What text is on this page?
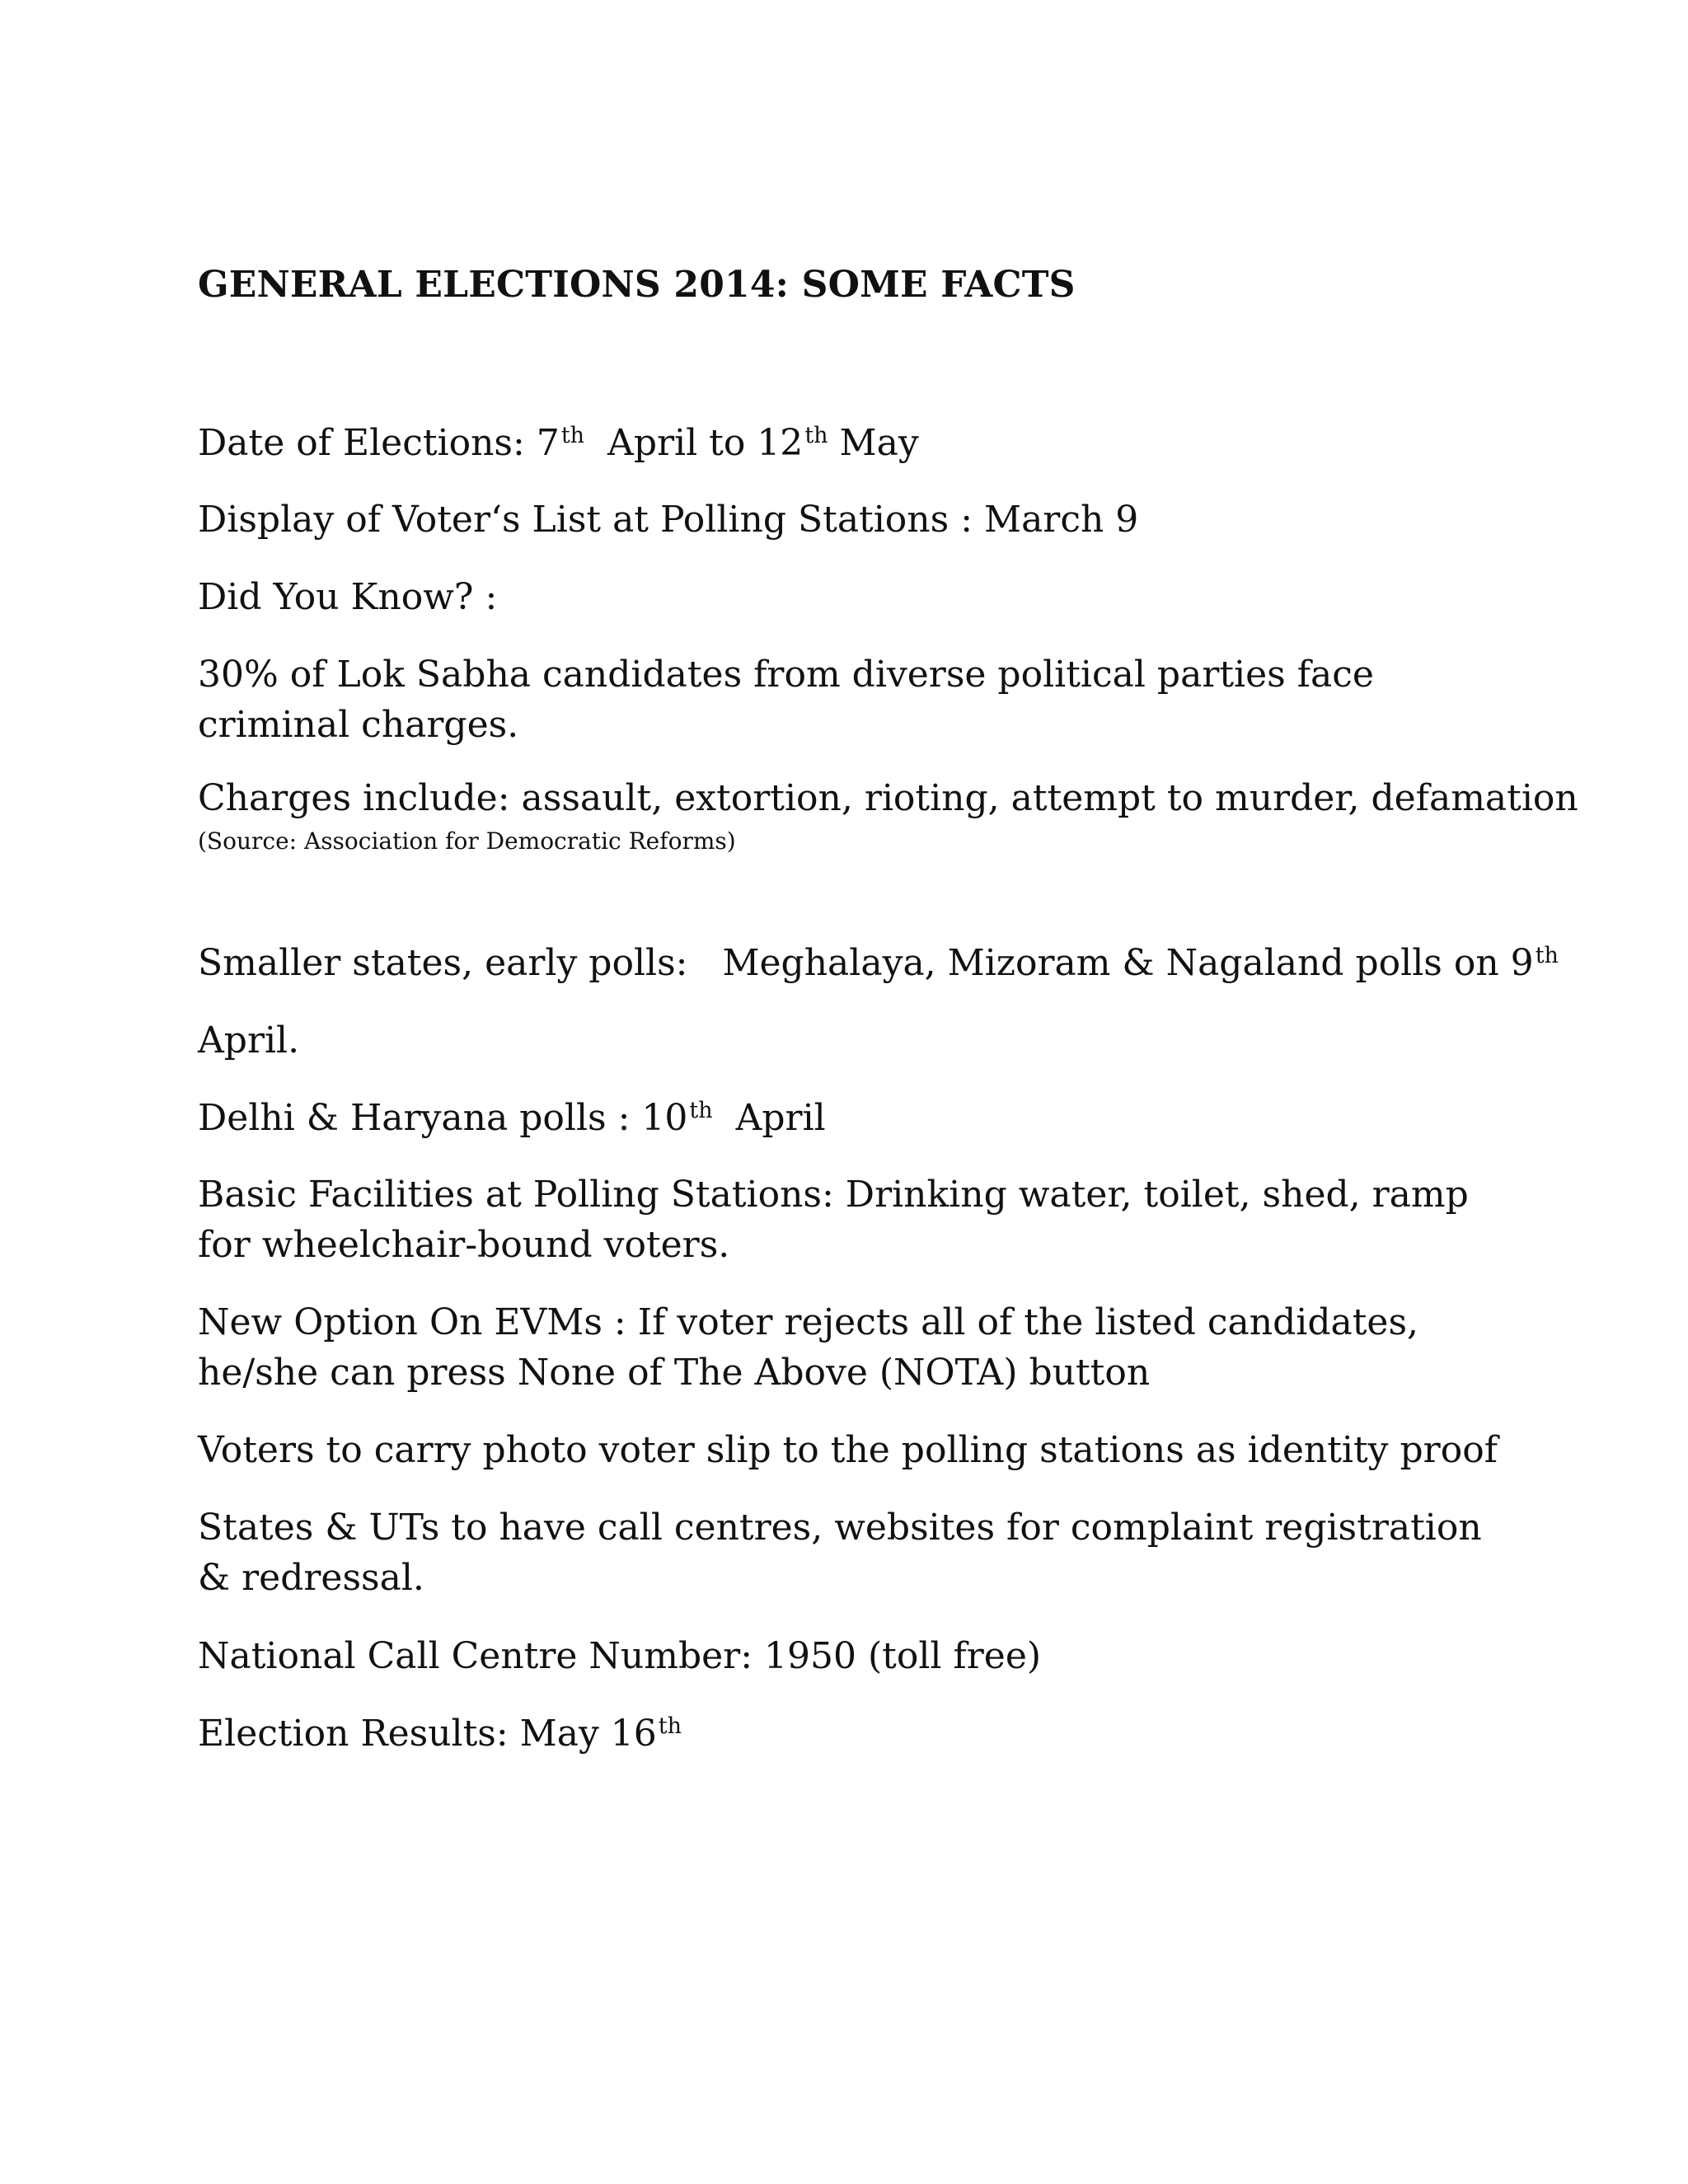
GENERAL ELECTIONS 2014: SOME FACTS
Date of Elections: 7th  April to 12th May
Display of Voter‘s List at Polling Stations : March 9
Did You Know? :
30% of Lok Sabha candidates from diverse political parties face criminal charges.
Charges include: assault, extortion, rioting, attempt to murder, defamation
(Source: Association for Democratic Reforms)
Smaller states, early polls:   Meghalaya, Mizoram & Nagaland polls on 9th
April.
Delhi & Haryana polls : 10th  April
Basic Facilities at Polling Stations: Drinking water, toilet, shed, ramp for wheelchair-bound voters.
New Option On EVMs : If voter rejects all of the listed candidates, he/she can press None of The Above (NOTA) button
Voters to carry photo voter slip to the polling stations as identity proof
States & UTs to have call centres, websites for complaint registration & redressal.
National Call Centre Number: 1950 (toll free)
Election Results: May 16th
